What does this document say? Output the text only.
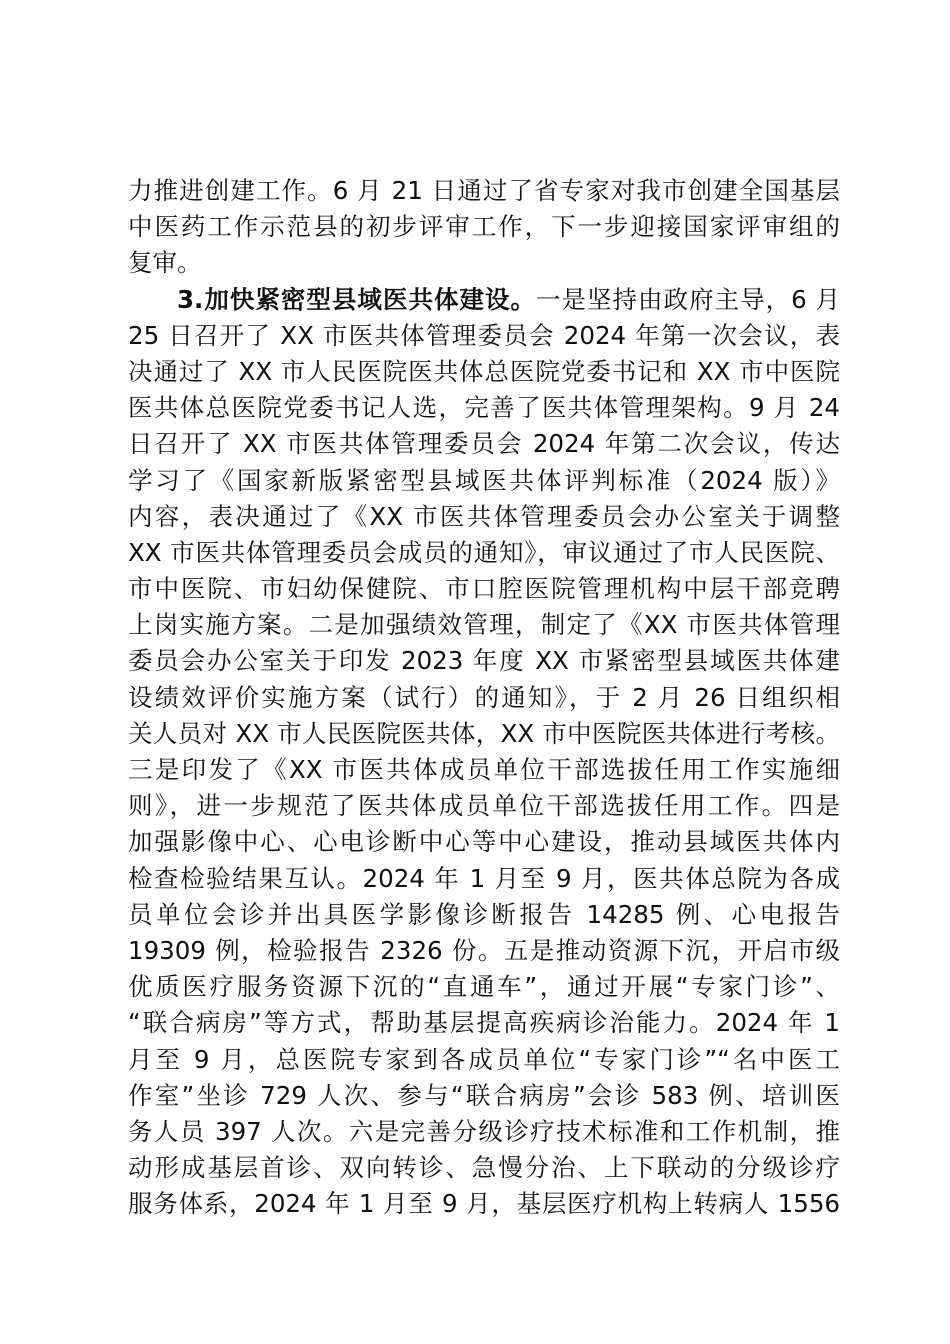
力推进创建工作。6 月 21 日通过了省专家对我市创建全国基层
中医药工作示范县的初步评审工作，下一步迎接国家评审组的
复审。
3.加快紧密型县域医共体建设。一是坚持由政府主导，6 月
25 日召开了 XX 市医共体管理委员会 2024 年第一次会议，表
决通过了 XX 市人民医院医共体总医院党委书记和 XX 市中医院
医共体总医院党委书记人选，完善了医共体管理架构。9 月 24
日召开了 XX 市医共体管理委员会 2024 年第二次会议，传达
学习了《国家新版紧密型县域医共体评判标准（2024 版）》
内容，表决通过了《XX 市医共体管理委员会办公室关于调整
XX 市医共体管理委员会成员的通知》，审议通过了市人民医院、
市中医院、市妇幼保健院、市口腔医院管理机构中层干部竞聘
上岗实施方案。二是加强绩效管理，制定了《XX 市医共体管理
委员会办公室关于印发 2023 年度 XX 市紧密型县域医共体建
设绩效评价实施方案（试行）的通知》，于 2 月 26 日组织相
关人员对 XX 市人民医院医共体，XX 市中医院医共体进行考核。
三是印发了《XX 市医共体成员单位干部选拔任用工作实施细
则》，进一步规范了医共体成员单位干部选拔任用工作。四是
加强影像中心、心电诊断中心等中心建设，推动县域医共体内
检查检验结果互认。2024 年 1 月至 9 月，医共体总院为各成
员单位会诊并出具医学影像诊断报告 14285 例、心电报告
19309 例，检验报告 2326 份。五是推动资源下沉，开启市级
优质医疗服务资源下沉的“直通车”，通过开展“专家门诊”、
“联合病房”等方式，帮助基层提高疾病诊治能力。2024 年 1
月至 9 月，总医院专家到各成员单位“专家门诊”“名中医工
作室”坐诊 729 人次、参与“联合病房”会诊 583 例、培训医
务人员 397 人次。六是完善分级诊疗技术标准和工作机制，推
动形成基层首诊、双向转诊、急慢分治、上下联动的分级诊疗
服务体系，2024 年 1 月至 9 月，基层医疗机构上转病人 1556
